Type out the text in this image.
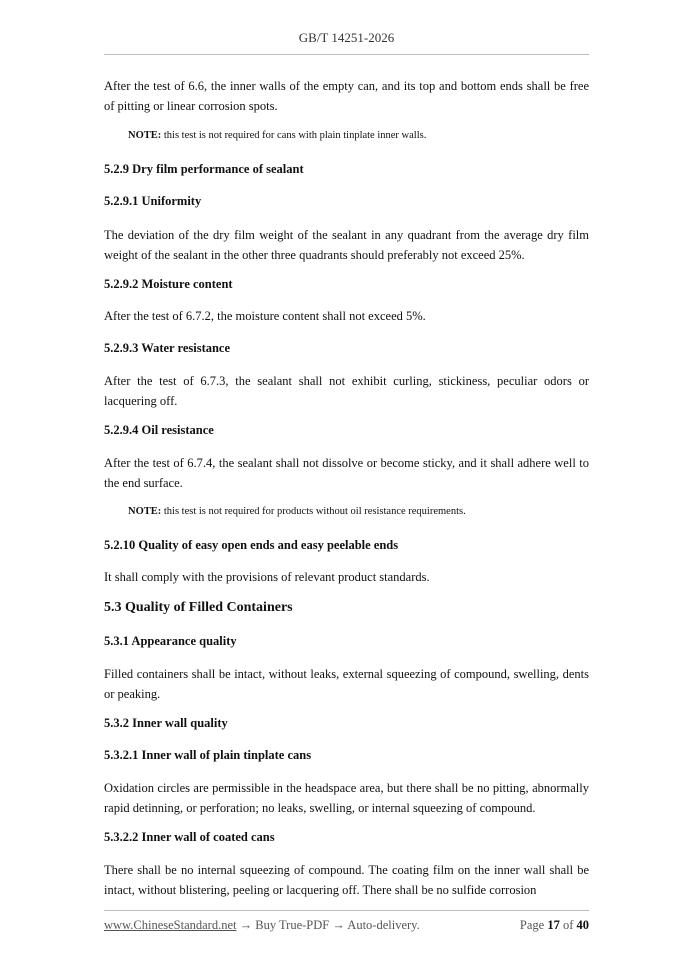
GB/T 14251-2026
After the test of 6.6, the inner walls of the empty can, and its top and bottom ends shall be free of pitting or linear corrosion spots.
NOTE: this test is not required for cans with plain tinplate inner walls.
5.2.9 Dry film performance of sealant
5.2.9.1 Uniformity
The deviation of the dry film weight of the sealant in any quadrant from the average dry film weight of the sealant in the other three quadrants should preferably not exceed 25%.
5.2.9.2 Moisture content
After the test of 6.7.2, the moisture content shall not exceed 5%.
5.2.9.3 Water resistance
After the test of 6.7.3, the sealant shall not exhibit curling, stickiness, peculiar odors or lacquering off.
5.2.9.4 Oil resistance
After the test of 6.7.4, the sealant shall not dissolve or become sticky, and it shall adhere well to the end surface.
NOTE: this test is not required for products without oil resistance requirements.
5.2.10 Quality of easy open ends and easy peelable ends
It shall comply with the provisions of relevant product standards.
5.3 Quality of Filled Containers
5.3.1 Appearance quality
Filled containers shall be intact, without leaks, external squeezing of compound, swelling, dents or peaking.
5.3.2 Inner wall quality
5.3.2.1 Inner wall of plain tinplate cans
Oxidation circles are permissible in the headspace area, but there shall be no pitting, abnormally rapid detinning, or perforation; no leaks, swelling, or internal squeezing of compound.
5.3.2.2 Inner wall of coated cans
There shall be no internal squeezing of compound. The coating film on the inner wall shall be intact, without blistering, peeling or lacquering off. There shall be no sulfide corrosion
www.ChineseStandard.net → Buy True-PDF → Auto-delivery.	Page 17 of 40
